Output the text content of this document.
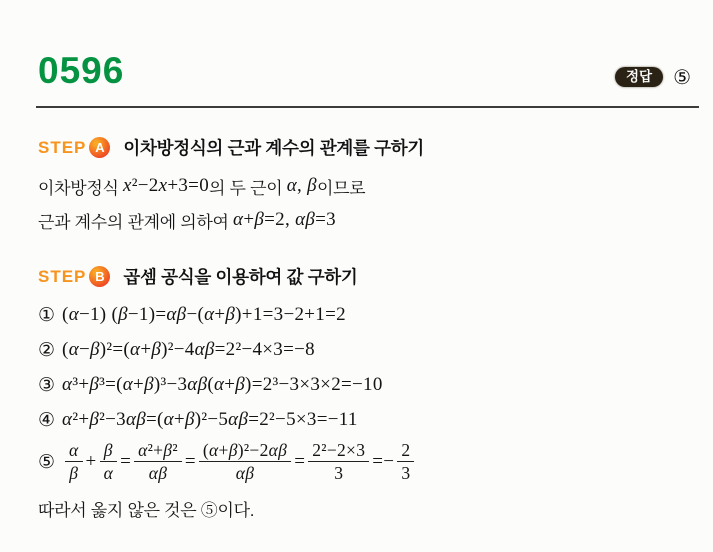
0596	정답	⑤
STEP A	이차방정식의 근과 계수의 관계를 구하기
이차방정식 x²−2x+3=0 의 두 근이 α, β 이므로
근과 계수의 관계에 의하여 α+β=2, αβ=3
STEP B	곱셈 공식을 이용하여 값 구하기
① (α−1) (β−1)=αβ−(α+β)+1=3−2+1=2
② (α−β)²=(α+β)²−4αβ=2²−4×3=−8
③ α³+β³=(α+β)³−3αβ(α+β)=2³−3×3×2=−10
④ α²+β²−3αβ=(α+β)²−5αβ=2²−5×3=−11
⑤ $\frac{\alpha}{\beta} + \frac{\beta}{\alpha} = \frac{\text{α²+β²}}{\alpha\beta} = \frac{\text{(α+β)²−2αβ}}{\alpha\beta} = \frac{\text{2²−2×3}}{3} =- \frac{2}{3}$
따라서 옳지 않은 것은 ⑤이다.
